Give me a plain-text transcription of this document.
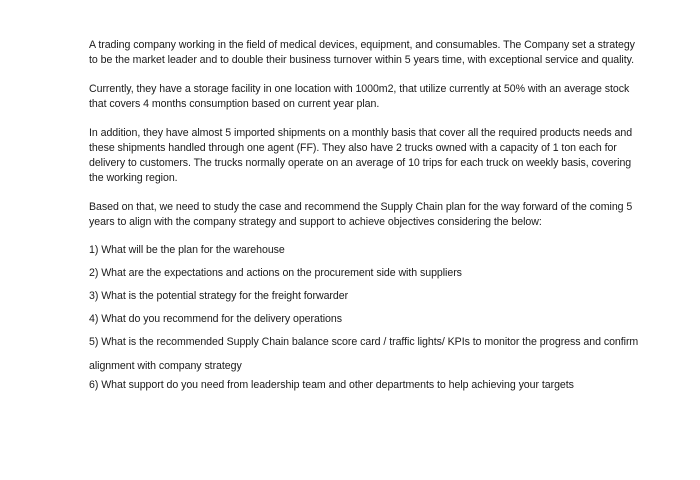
A trading company working in the field of medical devices, equipment, and consumables. The Company set a strategy to be the market leader and to double their business turnover within 5 years time, with exceptional service and quality.

Currently, they have a storage facility in one location with 1000m2, that utilize currently at 50% with an average stock that covers 4 months consumption based on current year plan.

In addition, they have almost 5 imported shipments on a monthly basis that cover all the required products needs and these shipments handled through one agent (FF). They also have 2 trucks owned with a capacity of 1 ton each for delivery to customers. The trucks normally operate on an average of 10 trips for each truck on weekly basis, covering the working region.

Based on that, we need to study the case and recommend the Supply Chain plan for the way forward of the coming 5 years to align with the company strategy and support to achieve objectives considering the below:

1) What will be the plan for the warehouse
2) What are the expectations and actions on the procurement side with suppliers
3) What is the potential strategy for the freight forwarder
4) What do you recommend for the delivery operations
5) What is the recommended Supply Chain balance score card / traffic lights/ KPIs to monitor the progress and confirm alignment with company strategy
6) What support do you need from leadership team and other departments to help achieving your targets
